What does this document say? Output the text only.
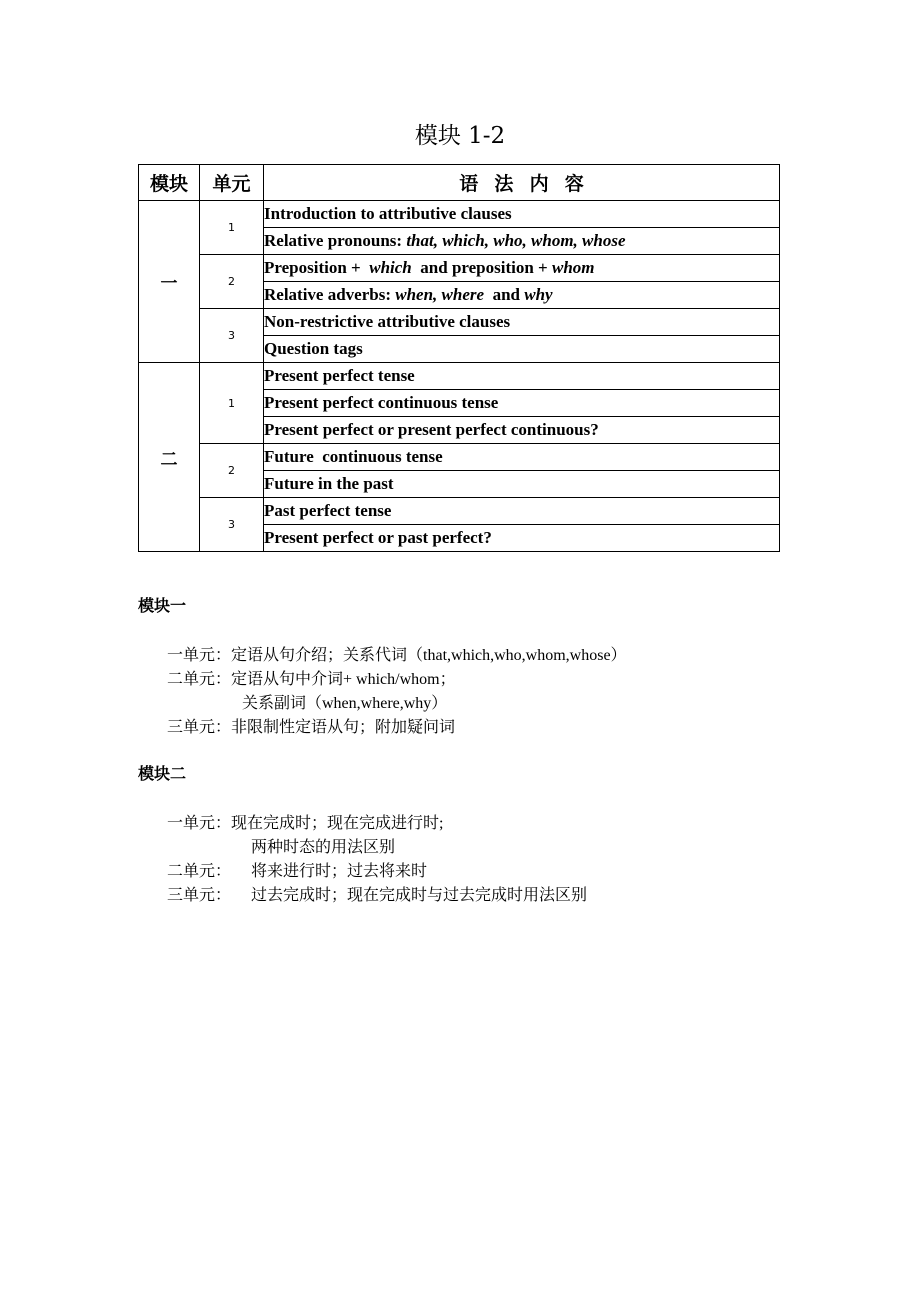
模块 1-2
模块	单元	语 法 内 容
一	1	Introduction to attributive clauses
		Relative pronouns: that, which, who, whom, whose
	2	Preposition +  which  and preposition + whom
		Relative adverbs: when, where  and why
	3	Non-restrictive attributive clauses
		Question tags
二	1	Present perfect tense
		Present perfect continuous tense
		Present perfect or present perfect continuous?
	2	Future  continuous tense
		Future in the past
	3	Past perfect tense
		Present perfect or past perfect?
模块一
一单元：定语从句介绍；关系代词（that,which,who,whom,whose）
二单元：定语从句中介词+ which/whom；
关系副词（when,where,why）
三单元：非限制性定语从句；附加疑问词
模块二
一单元：现在完成时；现在完成进行时;
两种时态的用法区别
二单元： 将来进行时；过去将来时
三单元： 过去完成时；现在完成时与过去完成时用法区别
